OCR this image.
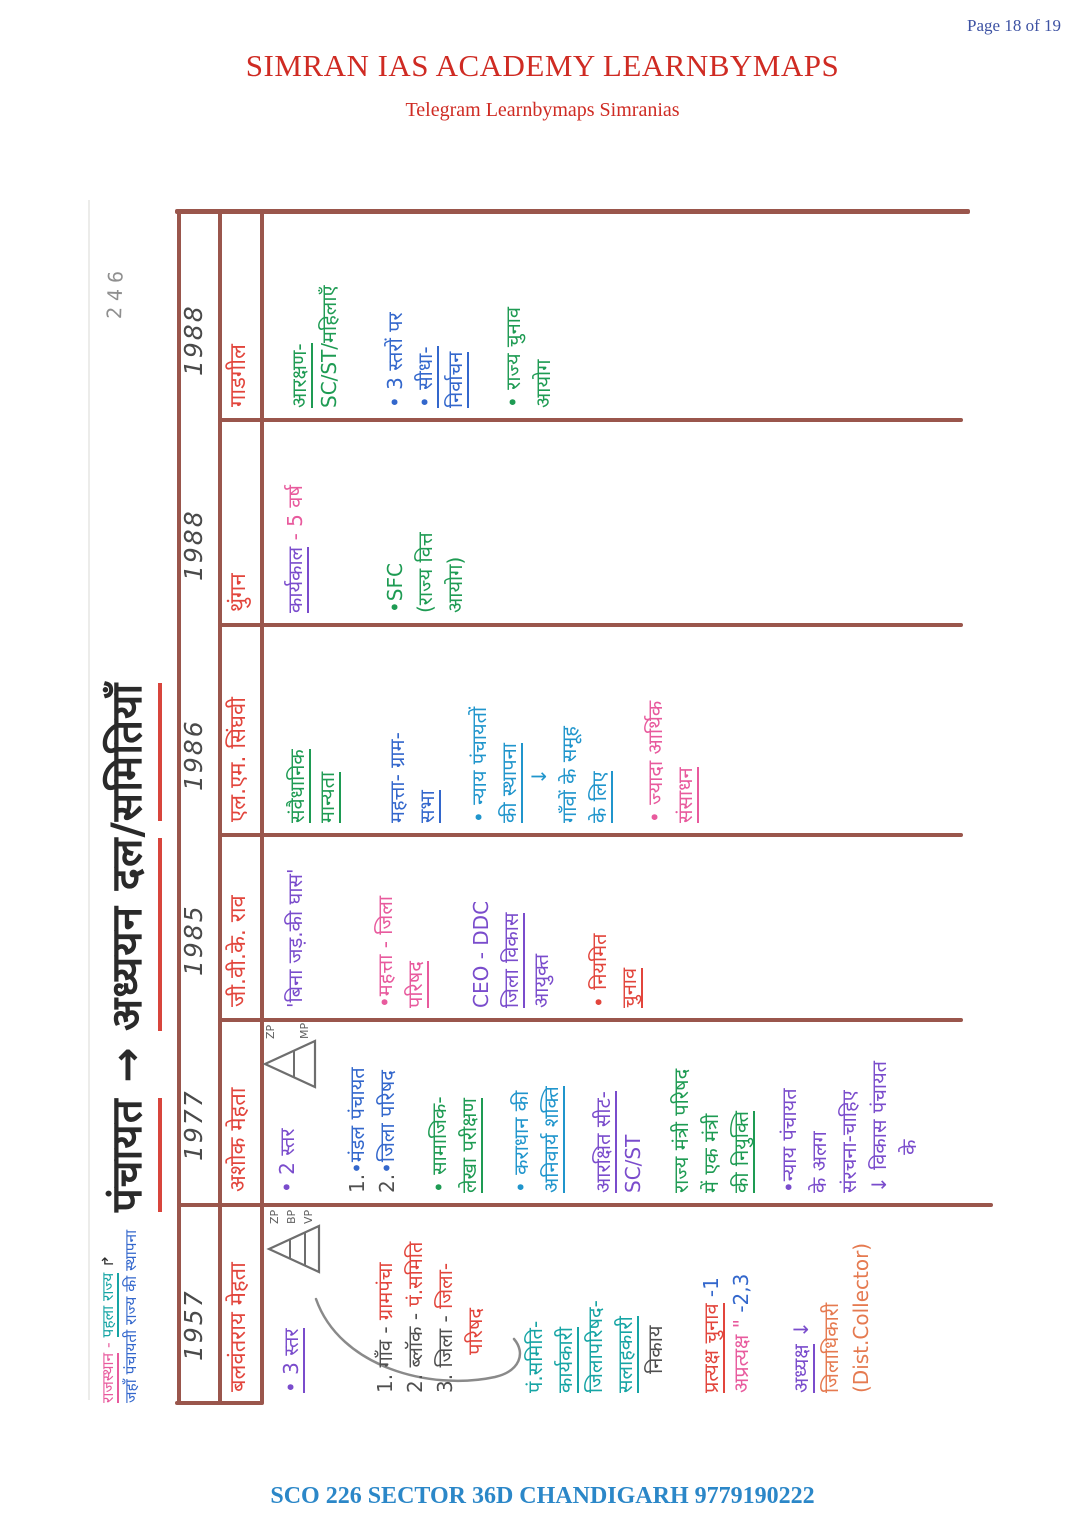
Page 18 of 19
SIMRAN IAS ACADEMY LEARNBYMAPS
Telegram Learnbymaps Simranias
राजस्थान - पहला राज्य ↱ जहाँ पंचायती राज्य की स्थापना
पंचायत → अध्ययन दल/समितियाँ
246
1957 बलवंतराय मेहता
ZP BP VP
• 3 स्तर	1. गाँव - ग्रामपंचा
2. ब्लॉक - पं.समिति
3. जिला - जिला-
परिषद पं.समिति- कार्यकारी जिलापरिषद- सलाहकारी निकाय प्रत्यक्ष चुनाव -1
अप्रत्यक्ष " -2,3
अध्यक्ष ↓ जिलाधिकारी (Dist.Collector)
1977 अशोक मेहता
ZP MP
• 2 स्तर 1.•मंडल पंचायत
2.•जिला परिषद • सामाजिक- लेखा परीक्षण • कराधान की अनिवार्य शक्ति आरक्षित सीट- SC/ST राज्य मंत्री परिषद में एक मंत्री की नियुक्ति •न्याय पंचायत के अलग संरचना-चाहिए ↓ विकास पंचायत
के
1985 जी.वी.के. राव 'बिना जड़.की घास'	•महत्ता - जिला परिषद CEO - DDC जिला विकास आयुक्त • नियमित चुनाव
1986 एल.एम. सिंघवी संवैधानिक मान्यता महत्ता- ग्राम- सभा • न्याय पंचायतों की स्थापना ↓ गाँवों के समूह के लिए • ज्यादा आर्थिक संसाधन
1988
थुंगन कार्यकाल - 5 वर्ष
•SFC (राज्य वित्त आयोग)
1988 गाडगील आरक्षण- SC/ST/महिलाएँ • 3 स्तरों पर • सीधा- निर्वाचन • राज्य चुनाव आयोग
SCO 226 SECTOR 36D CHANDIGARH 9779190222
